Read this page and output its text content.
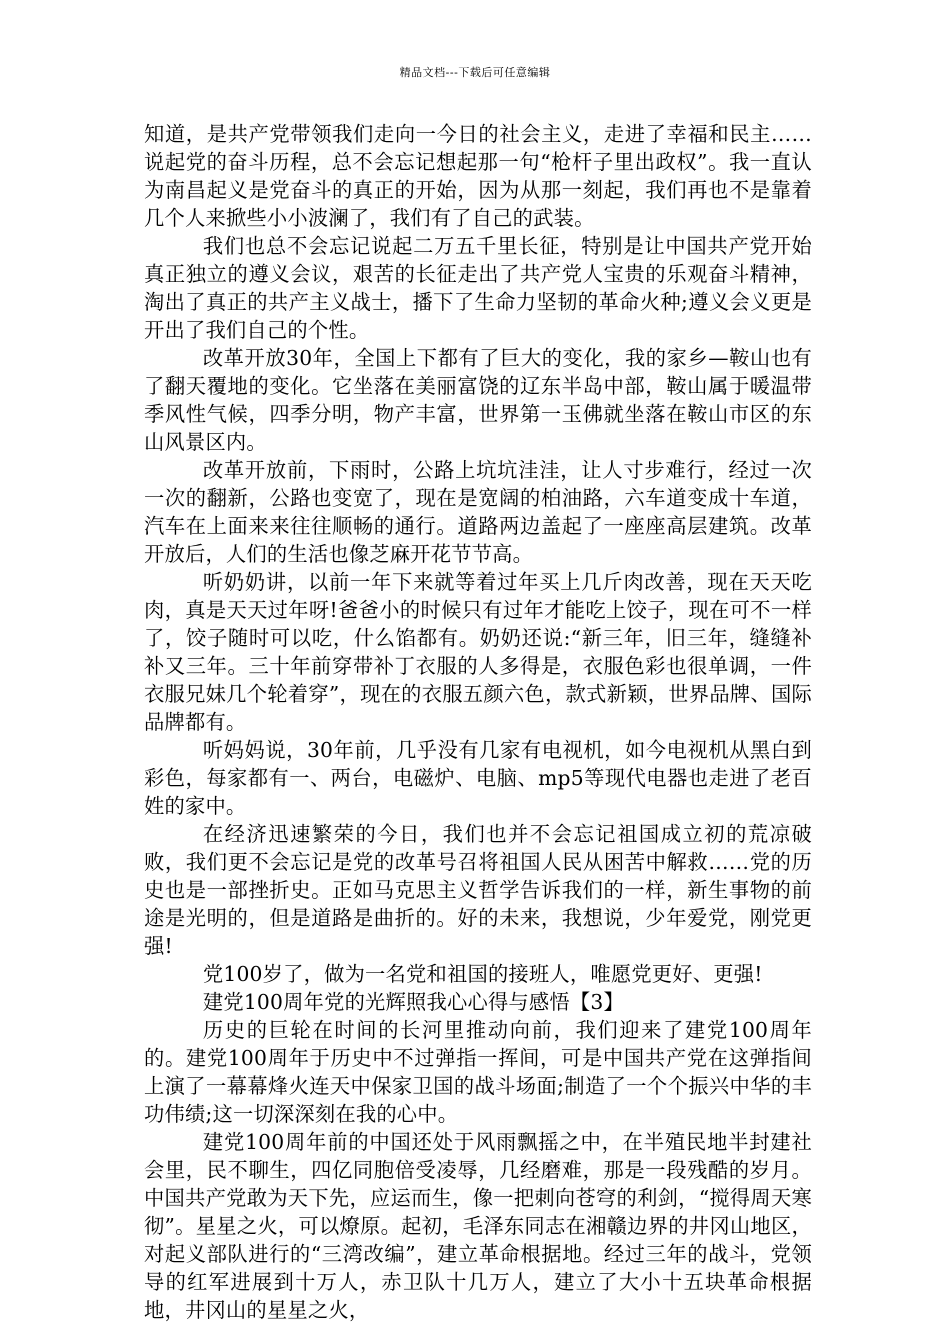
精品文档---下载后可任意编辑

知道，是共产党带领我们走向一今日的社会主义，走进了幸福和民主……说起党的奋斗历程，总不会忘记想起那一句“枪杆子里出政权”。我一直认为南昌起义是党奋斗的真正的开始，因为从那一刻起，我们再也不是靠着几个人来掀些小小波澜了，我们有了自己的武装。

我们也总不会忘记说起二万五千里长征，特别是让中国共产党开始真正独立的遵义会议，艰苦的长征走出了共产党人宝贵的乐观奋斗精神，淘出了真正的共产主义战士，播下了生命力坚韧的革命火种;遵义会义更是开出了我们自己的个性。

改革开放30年，全国上下都有了巨大的变化，我的家乡—鞍山也有了翻天覆地的变化。它坐落在美丽富饶的辽东半岛中部，鞍山属于暖温带季风性气候，四季分明，物产丰富，世界第一玉佛就坐落在鞍山市区的东山风景区内。

改革开放前，下雨时，公路上坑坑洼洼，让人寸步难行，经过一次一次的翻新，公路也变宽了，现在是宽阔的柏油路，六车道变成十车道，汽车在上面来来往往顺畅的通行。道路两边盖起了一座座高层建筑。改革开放后，人们的生活也像芝麻开花节节高。

听奶奶讲，以前一年下来就等着过年买上几斤肉改善，现在天天吃肉，真是天天过年呀!爸爸小的时候只有过年才能吃上饺子，现在可不一样了，饺子随时可以吃，什么馅都有。奶奶还说:“新三年，旧三年，缝缝补补又三年。三十年前穿带补丁衣服的人多得是，衣服色彩也很单调，一件衣服兄妹几个轮着穿”，现在的衣服五颜六色，款式新颖，世界品牌、国际品牌都有。

听妈妈说，30年前，几乎没有几家有电视机，如今电视机从黑白到彩色，每家都有一、两台，电磁炉、电脑、mp5等现代电器也走进了老百姓的家中。

在经济迅速繁荣的今日，我们也并不会忘记祖国成立初的荒凉破败，我们更不会忘记是党的改革号召将祖国人民从困苦中解救……党的历史也是一部挫折史。正如马克思主义哲学告诉我们的一样，新生事物的前途是光明的，但是道路是曲折的。好的未来，我想说，少年爱党，刚党更强!

党100岁了，做为一名党和祖国的接班人，唯愿党更好、更强!

建党100周年党的光辉照我心心得与感悟【3】

历史的巨轮在时间的长河里推动向前，我们迎来了建党100周年的。建党100周年于历史中不过弹指一挥间，可是中国共产党在这弹指间上演了一幕幕烽火连天中保家卫国的战斗场面;制造了一个个振兴中华的丰功伟绩;这一切深深刻在我的心中。

建党100周年前的中国还处于风雨飘摇之中，在半殖民地半封建社会里，民不聊生，四亿同胞倍受凌辱，几经磨难，那是一段残酷的岁月。中国共产党敢为天下先，应运而生，像一把刺向苍穹的利剑，“搅得周天寒彻”。星星之火，可以燎原。起初，毛泽东同志在湘赣边界的井冈山地区，对起义部队进行的“三湾改编”，建立革命根据地。经过三年的战斗，党领导的红军进展到十万人，赤卫队十几万人，建立了大小十五块革命根据地，井冈山的星星之火，
